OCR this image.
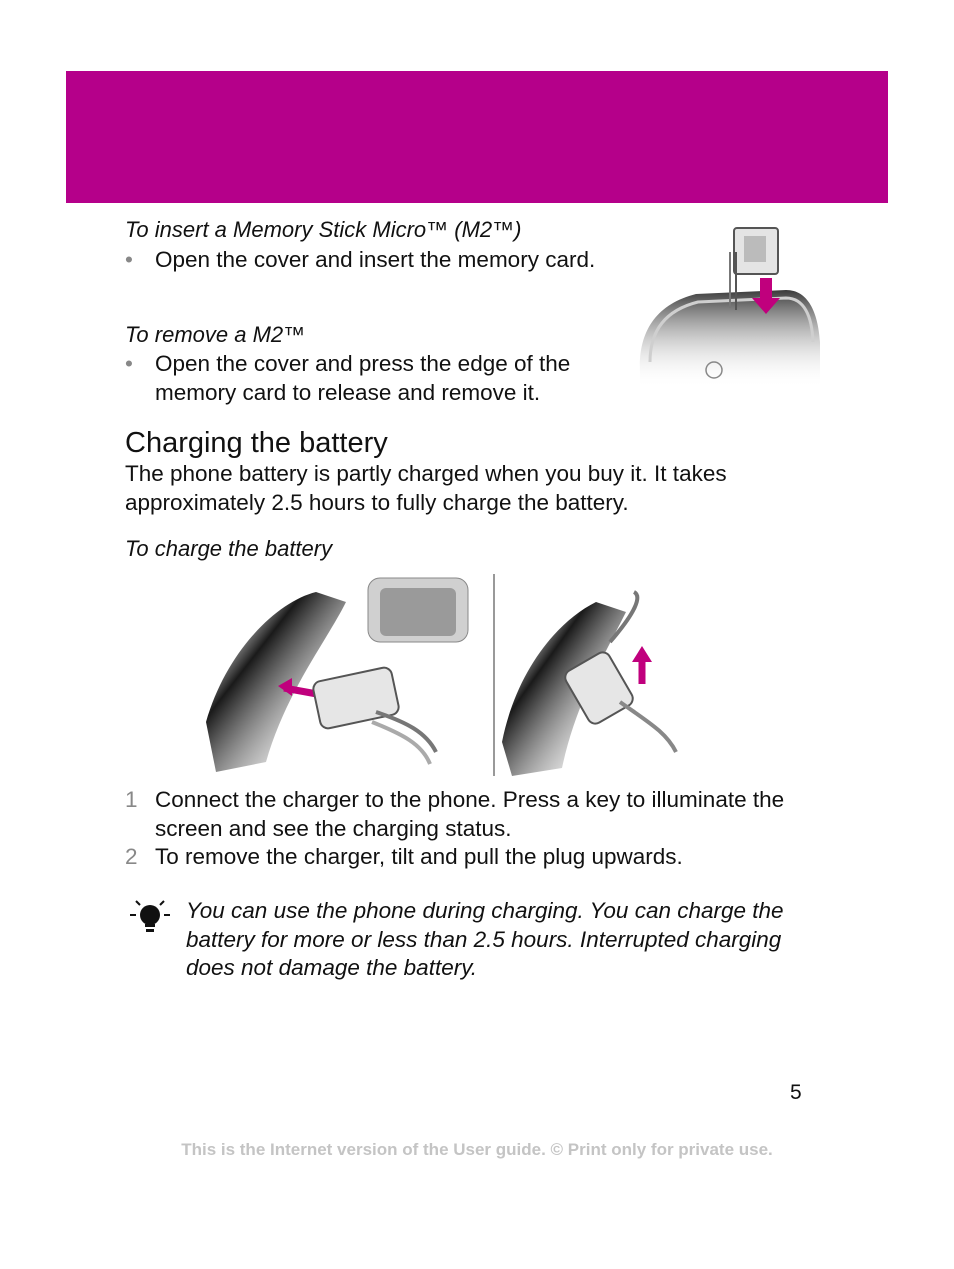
To insert a Memory Stick Micro™ (M2™)

• Open the cover and insert the memory card.

To remove a M2™

• Open the cover and press the edge of the memory card to release and remove it.
Charging the battery

The phone battery is partly charged when you buy it. It takes approximately 2.5 hours to fully charge the battery.

To charge the battery

1 Connect the charger to the phone. Press a key to illuminate the screen and see the charging status.
2 To remove the charger, tilt and pull the plug upwards.

You can use the phone during charging. You can charge the battery for more or less than 2.5 hours. Interrupted charging does not damage the battery.

5
This is the Internet version of the User guide. © Print only for private use.
